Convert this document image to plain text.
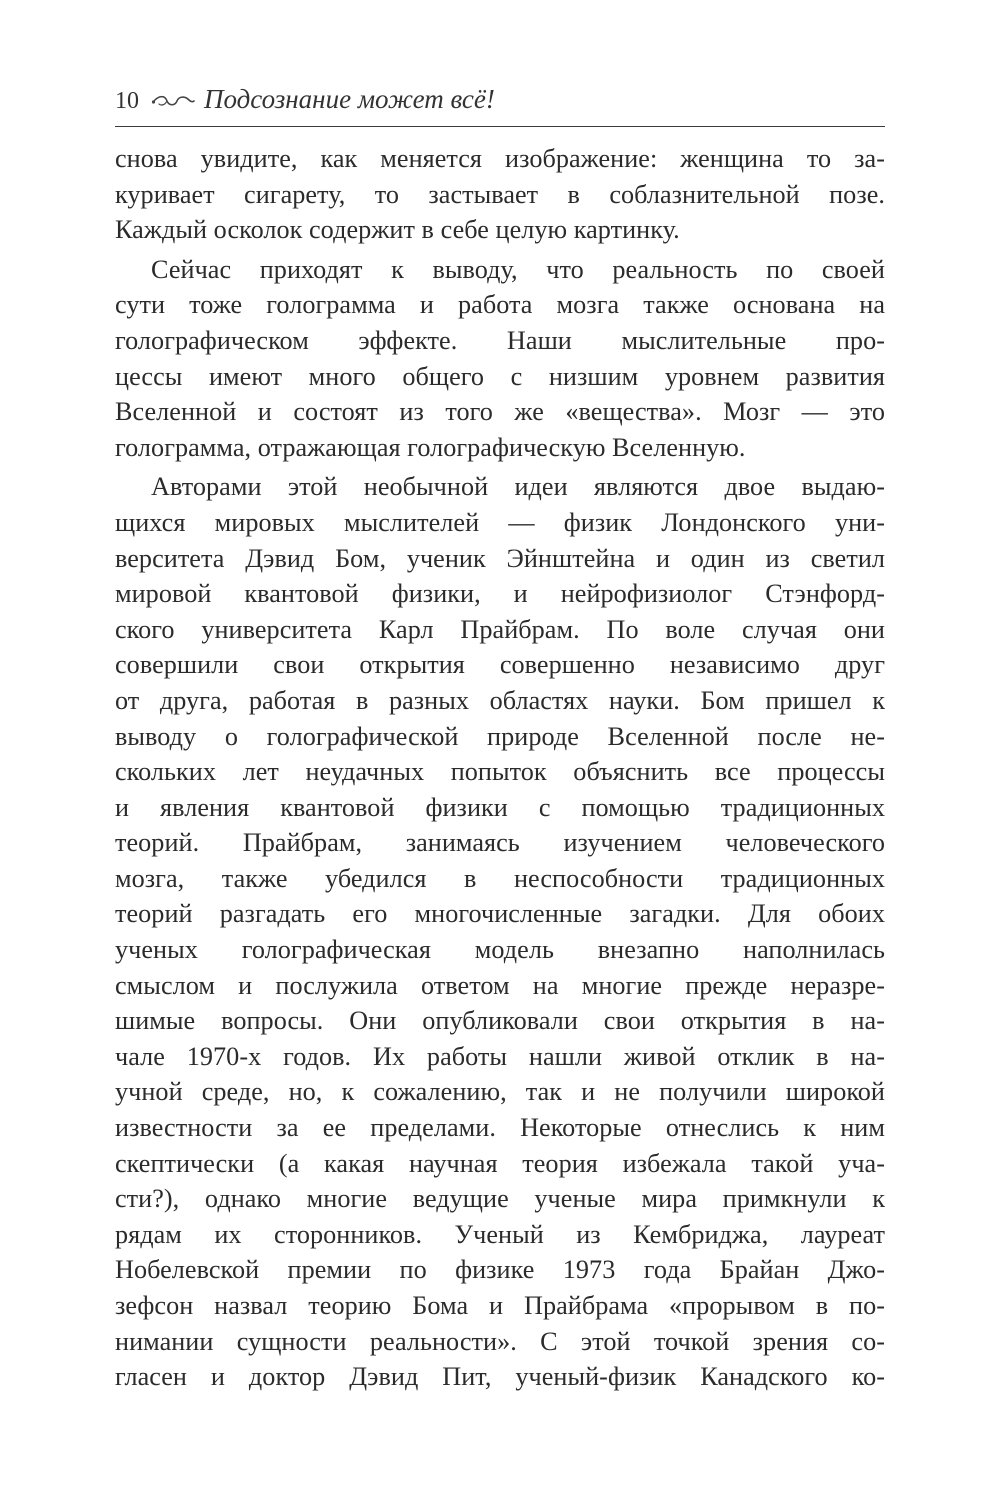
10 Подсознание может всё!
снова увидите, как меняется изображение: женщина то за-
куривает сигарету, то застывает в соблазнительной позе.
Каждый осколок содержит в себе целую картинку.
Сейчас приходят к выводу, что реальность по своей
сути тоже голограмма и работа мозга также основана на
голографическом эффекте. Наши мыслительные про-
цессы имеют много общего с низшим уровнем развития
Вселенной и состоят из того же «вещества». Мозг — это
голограмма, отражающая голографическую Вселенную.
Авторами этой необычной идеи являются двое выдаю-
щихся мировых мыслителей — физик Лондонского уни-
верситета Дэвид Бом, ученик Эйнштейна и один из светил
мировой квантовой физики, и нейрофизиолог Стэнфорд-
ского университета Карл Прайбрам. По воле случая они
совершили свои открытия совершенно независимо друг
от друга, работая в разных областях науки. Бом пришел к
выводу о голографической природе Вселенной после не-
скольких лет неудачных попыток объяснить все процессы
и явления квантовой физики с помощью традиционных
теорий. Прайбрам, занимаясь изучением человеческого
мозга, также убедился в неспособности традиционных
теорий разгадать его многочисленные загадки. Для обоих
ученых голографическая модель внезапно наполнилась
смыслом и послужила ответом на многие прежде неразре-
шимые вопросы. Они опубликовали свои открытия в на-
чале 1970-х годов. Их работы нашли живой отклик в на-
учной среде, но, к сожалению, так и не получили широкой
известности за ее пределами. Некоторые отнеслись к ним
скептически (а какая научная теория избежала такой уча-
сти?), однако многие ведущие ученые мира примкнули к
рядам их сторонников. Ученый из Кембриджа, лауреат
Нобелевской премии по физике 1973 года Брайан Джо-
зефсон назвал теорию Бома и Прайбрама «прорывом в по-
нимании сущности реальности». С этой точкой зрения со-
гласен и доктор Дэвид Пит, ученый-физик Канадского ко-
